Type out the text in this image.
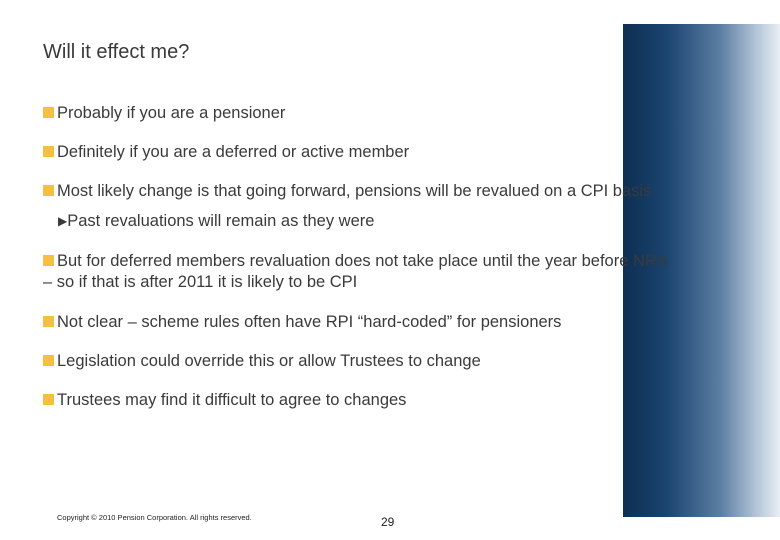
Will it effect me?
Probably if you are a pensioner
Definitely if you are a deferred or active member
Most likely change is that going forward, pensions will be revalued on a CPI basis
▶Past revaluations will remain as they were
But for deferred members revaluation does not take place until the year before NRA
– so if that is after 2011 it is likely to be CPI
Not clear – scheme rules often have RPI “hard-coded” for pensioners
Legislation could override this or allow Trustees to change
Trustees may find it difficult to agree to changes
Copyright © 2010 Pension Corporation. All rights reserved.	29
